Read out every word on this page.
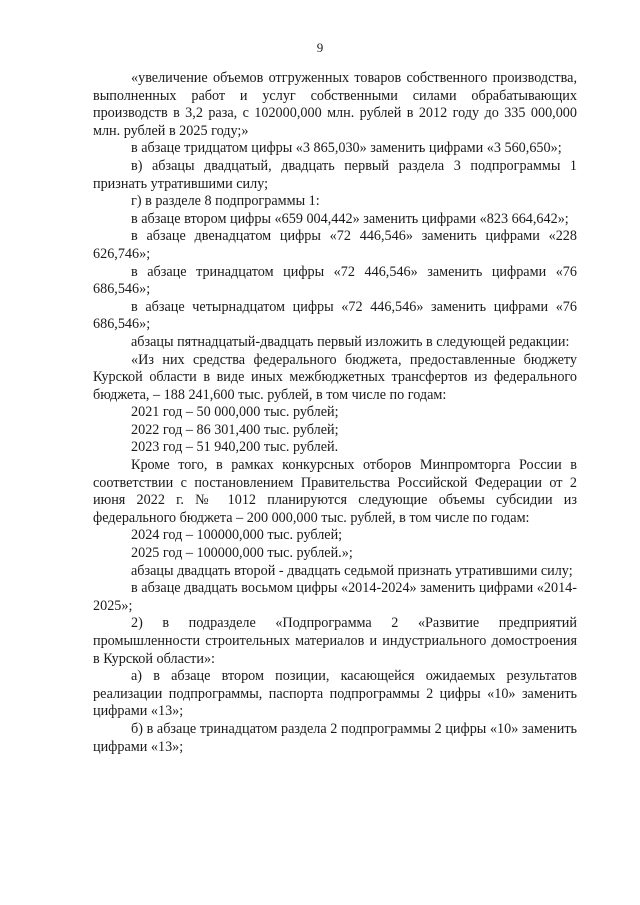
9

«увеличение объемов отгруженных товаров собственного производства, выполненных работ и услуг собственными силами обрабатывающих производств в 3,2 раза, с 102000,000 млн. рублей в 2012 году до 335 000,000 млн. рублей в 2025 году;»

в абзаце тридцатом цифры «3 865,030» заменить цифрами «3 560,650»;

в) абзацы двадцатый, двадцать первый раздела 3 подпрограммы 1 признать утратившими силу;

г) в разделе 8 подпрограммы 1:

в абзаце втором цифры «659 004,442» заменить цифрами «823 664,642»;

в абзаце двенадцатом цифры «72 446,546» заменить цифрами «228 626,746»;

в абзаце тринадцатом цифры «72 446,546» заменить цифрами «76 686,546»;

в абзаце четырнадцатом цифры «72 446,546» заменить цифрами «76 686,546»;

абзацы пятнадцатый-двадцать первый изложить в следующей редакции:

«Из них средства федерального бюджета, предоставленные бюджету Курской области в виде иных межбюджетных трансфертов из федерального бюджета, – 188 241,600 тыс. рублей, в том числе по годам:

2021 год – 50 000,000 тыс. рублей;

2022 год – 86 301,400 тыс. рублей;

2023 год – 51 940,200 тыс. рублей.

Кроме того, в рамках конкурсных отборов Минпромторга России в соответствии с постановлением Правительства Российской Федерации от 2 июня 2022 г. № 1012 планируются следующие объемы субсидии из федерального бюджета – 200 000,000 тыс. рублей, в том числе по годам:

2024 год – 100000,000 тыс. рублей;

2025 год – 100000,000 тыс. рублей.»;

абзацы двадцать второй - двадцать седьмой признать утратившими силу;

в абзаце двадцать восьмом цифры «2014-2024» заменить цифрами «2014-2025»;

2) в подразделе «Подпрограмма 2 «Развитие предприятий промышленности строительных материалов и индустриального домостроения в Курской области»:

а) в абзаце втором позиции, касающейся ожидаемых результатов реализации подпрограммы, паспорта подпрограммы 2 цифры «10» заменить цифрами «13»;

б) в абзаце тринадцатом раздела 2 подпрограммы 2 цифры «10» заменить цифрами «13»;
